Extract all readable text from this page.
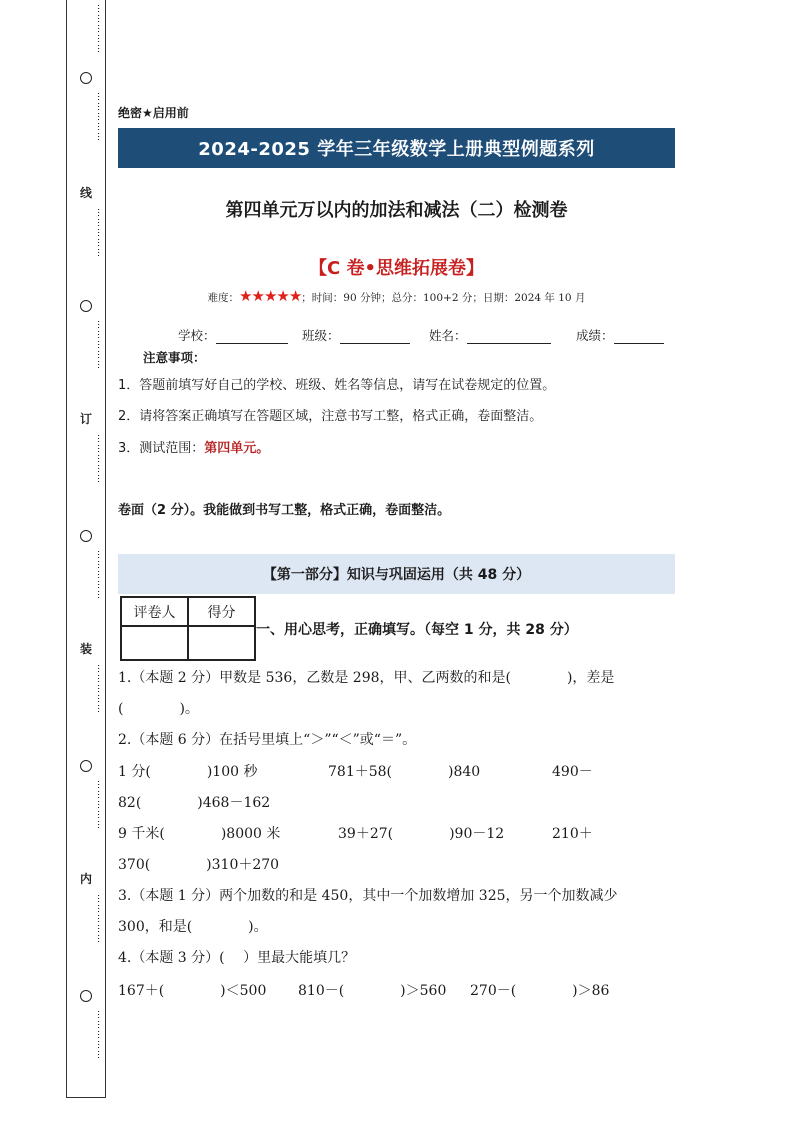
……………
……………
线
……………
……………
订
……………
……………
装
……………
……………
内
……………
……………
绝密★启用前
2024-2025 学年三年级数学上册典型例题系列
第四单元万以内的加法和减法（二）检测卷
【C 卷•思维拓展卷】
难度：★★★★★；时间：90 分钟；总分：100+2 分；日期：2024 年 10 月
学校：	班级：	姓名：	成绩：
注意事项：
1．答题前填写好自己的学校、班级、姓名等信息，请写在试卷规定的位置。
2．请将答案正确填写在答题区域，注意书写工整，格式正确，卷面整洁。
3．测试范围：第四单元。
卷面（2 分）。我能做到书写工整，格式正确，卷面整洁。
【第一部分】知识与巩固运用（共 48 分）
评卷人	得分

一、用心思考，正确填写。（每空 1 分，共 28 分）
1.（本题 2 分）甲数是 536，乙数是 298，甲、乙两数的和是(　　　　)，差是
(　　　　)。
2.（本题 6 分）在括号里填上“＞”“＜”或“＝”。
1 分(　　　　)100 秒	781＋58(　　　　)840	490－
82(　　　　)468－162
9 千米(　　　　)8000 米	39＋27(　　　　)90－12	210＋
370(　　　　)310＋270
3.（本题 1 分）两个加数的和是 450，其中一个加数增加 325，另一个加数减少
300，和是(　　　　)。
4.（本题 3 分）(　 ）里最大能填几？
167＋(　　　　)＜500 810－(　　　　)＞560 270－(　　　　)＞86
